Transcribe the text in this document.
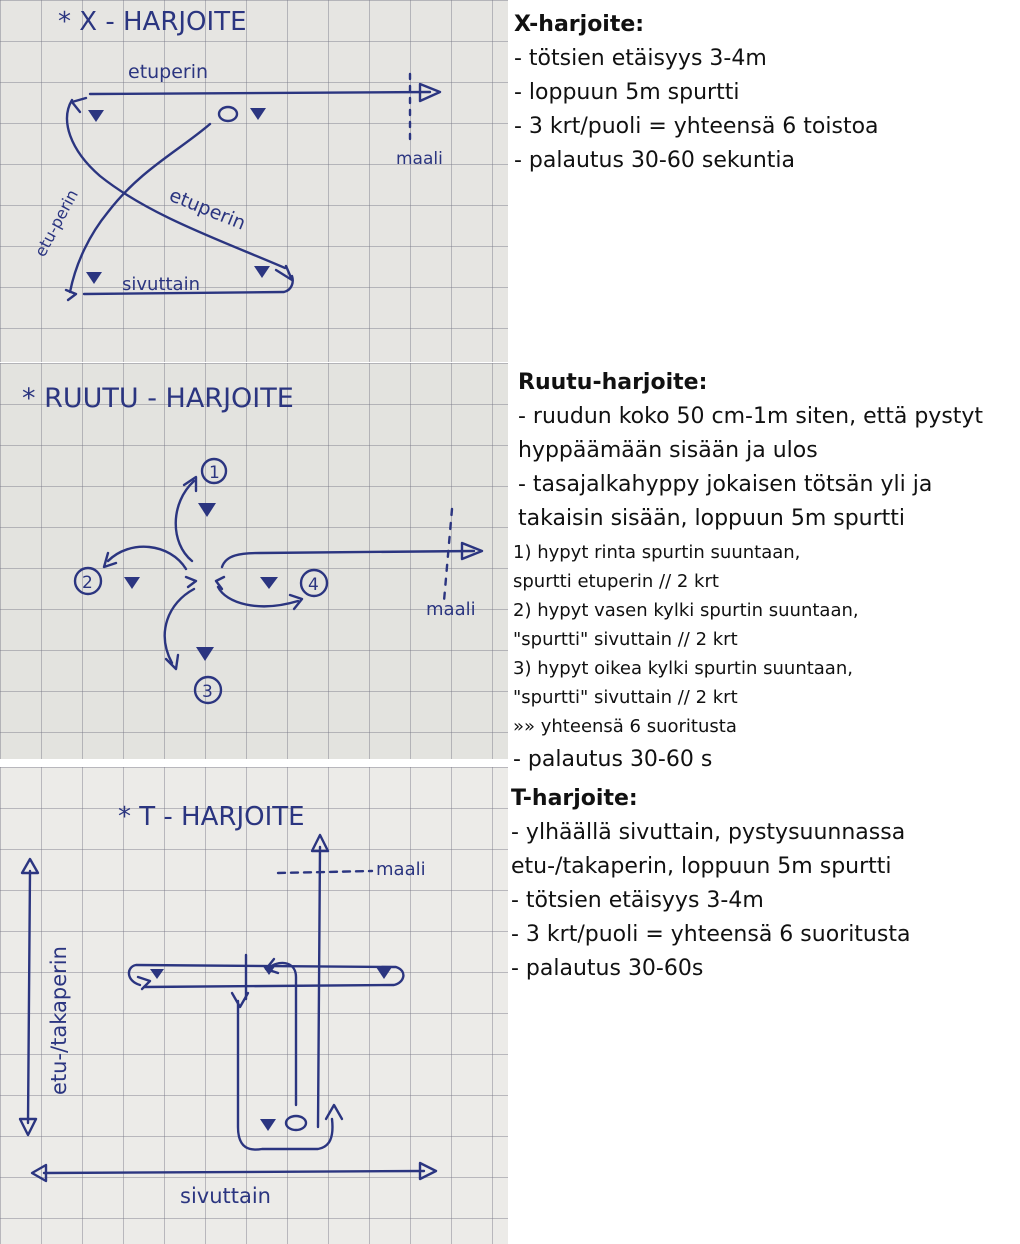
* X - HARJOITE
etuperin
maali
sivuttain
etuperin
etu-perin
* RUUTU - HARJOITE
1
2
3
4
maali
* T - HARJOITE
etu-/takaperin
sivuttain
maali

X-harjoite:

- tötsien etäisyys 3-4m

- loppuun 5m spurtti

- 3 krt/puoli = yhteensä 6 toistoa

- palautus 30-60 sekuntia

Ruutu-harjoite:

- ruudun koko 50 cm-1m siten, että pystyt

hyppäämään sisään ja ulos

- tasajalkahyppy jokaisen tötsän yli ja

takaisin sisään, loppuun 5m spurtti

1) hypyt rinta spurtin suuntaan,

spurtti etuperin // 2 krt

2) hypyt vasen kylki spurtin suuntaan,

"spurtti" sivuttain // 2 krt

3) hypyt oikea kylki spurtin suuntaan,

"spurtti" sivuttain // 2 krt

»» yhteensä 6 suoritusta

- palautus 30-60 s

T-harjoite:

- ylhäällä sivuttain, pystysuunnassa

etu-/takaperin, loppuun 5m spurtti

- tötsien etäisyys 3-4m

- 3 krt/puoli = yhteensä 6 suoritusta

- palautus 30-60s
